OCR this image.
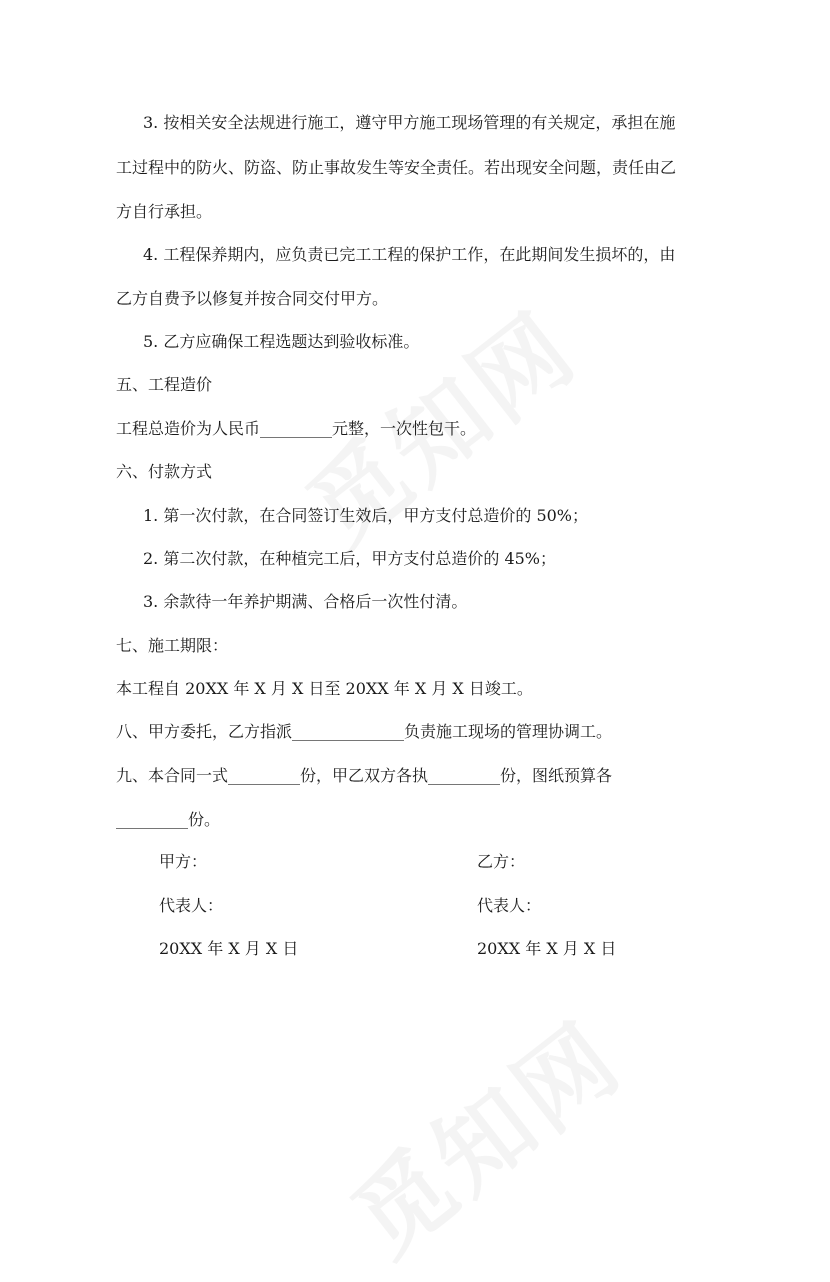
3. 按相关安全法规进行施工，遵守甲方施工现场管理的有关规定，承担在施
工过程中的防火、防盗、防止事故发生等安全责任。若出现安全问题，责任由乙
方自行承担。
4. 工程保养期内，应负责已完工工程的保护工作，在此期间发生损坏的，由
乙方自费予以修复并按合同交付甲方。
5. 乙方应确保工程选题达到验收标准。
五、工程造价
工程总造价为人民币_________元整，一次性包干。
六、付款方式
1. 第一次付款，在合同签订生效后，甲方支付总造价的 50%；
2. 第二次付款，在种植完工后，甲方支付总造价的 45%；
3. 余款待一年养护期满、合格后一次性付清。
七、施工期限：
本工程自 20XX 年 X 月 X 日至 20XX 年 X 月 X 日竣工。
八、甲方委托，乙方指派______________负责施工现场的管理协调工。
九、本合同一式_________份，甲乙双方各执_________份，图纸预算各
_________份。
甲方：
代表人：
20XX 年 X 月 X 日
乙方：
代表人：
20XX 年 X 月 X 日
